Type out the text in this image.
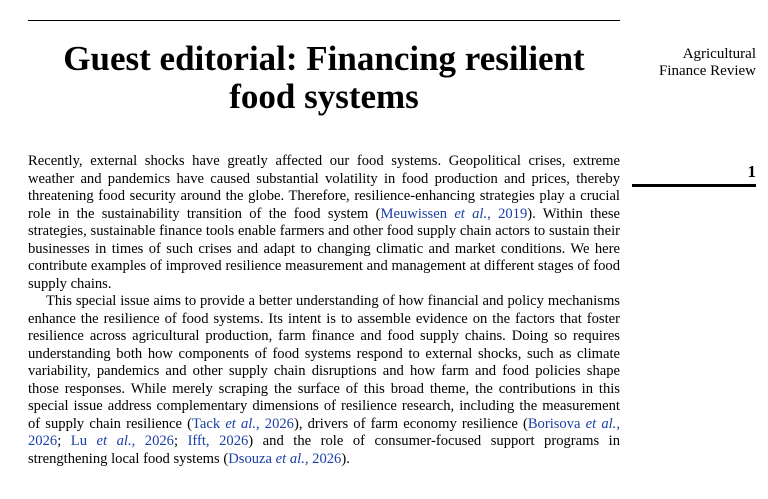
Guest editorial: Financing resilient food systems
Agricultural
Finance Review
1

Recently, external shocks have greatly affected our food systems. Geopolitical crises, extreme weather and pandemics have caused substantial volatility in food production and prices, thereby threatening food security around the globe. Therefore, resilience-enhancing strategies play a crucial role in the sustainability transition of the food system (Meuwissen et al., 2019). Within these strategies, sustainable finance tools enable farmers and other food supply chain actors to sustain their businesses in times of such crises and adapt to changing climatic and market conditions. We here contribute examples of improved resilience measurement and management at different stages of food supply chains.

This special issue aims to provide a better understanding of how financial and policy mechanisms enhance the resilience of food systems. Its intent is to assemble evidence on the factors that foster resilience across agricultural production, farm finance and food supply chains. Doing so requires understanding both how components of food systems respond to external shocks, such as climate variability, pandemics and other supply chain disruptions and how farm and food policies shape those responses. While merely scraping the surface of this broad theme, the contributions in this special issue address complementary dimensions of resilience research, including the measurement of supply chain resilience (Tack et al., 2026), drivers of farm economy resilience (Borisova et al., 2026; Lu et al., 2026; Ifft, 2026) and the role of consumer-focused support programs in strengthening local food systems (Dsouza et al., 2026).
